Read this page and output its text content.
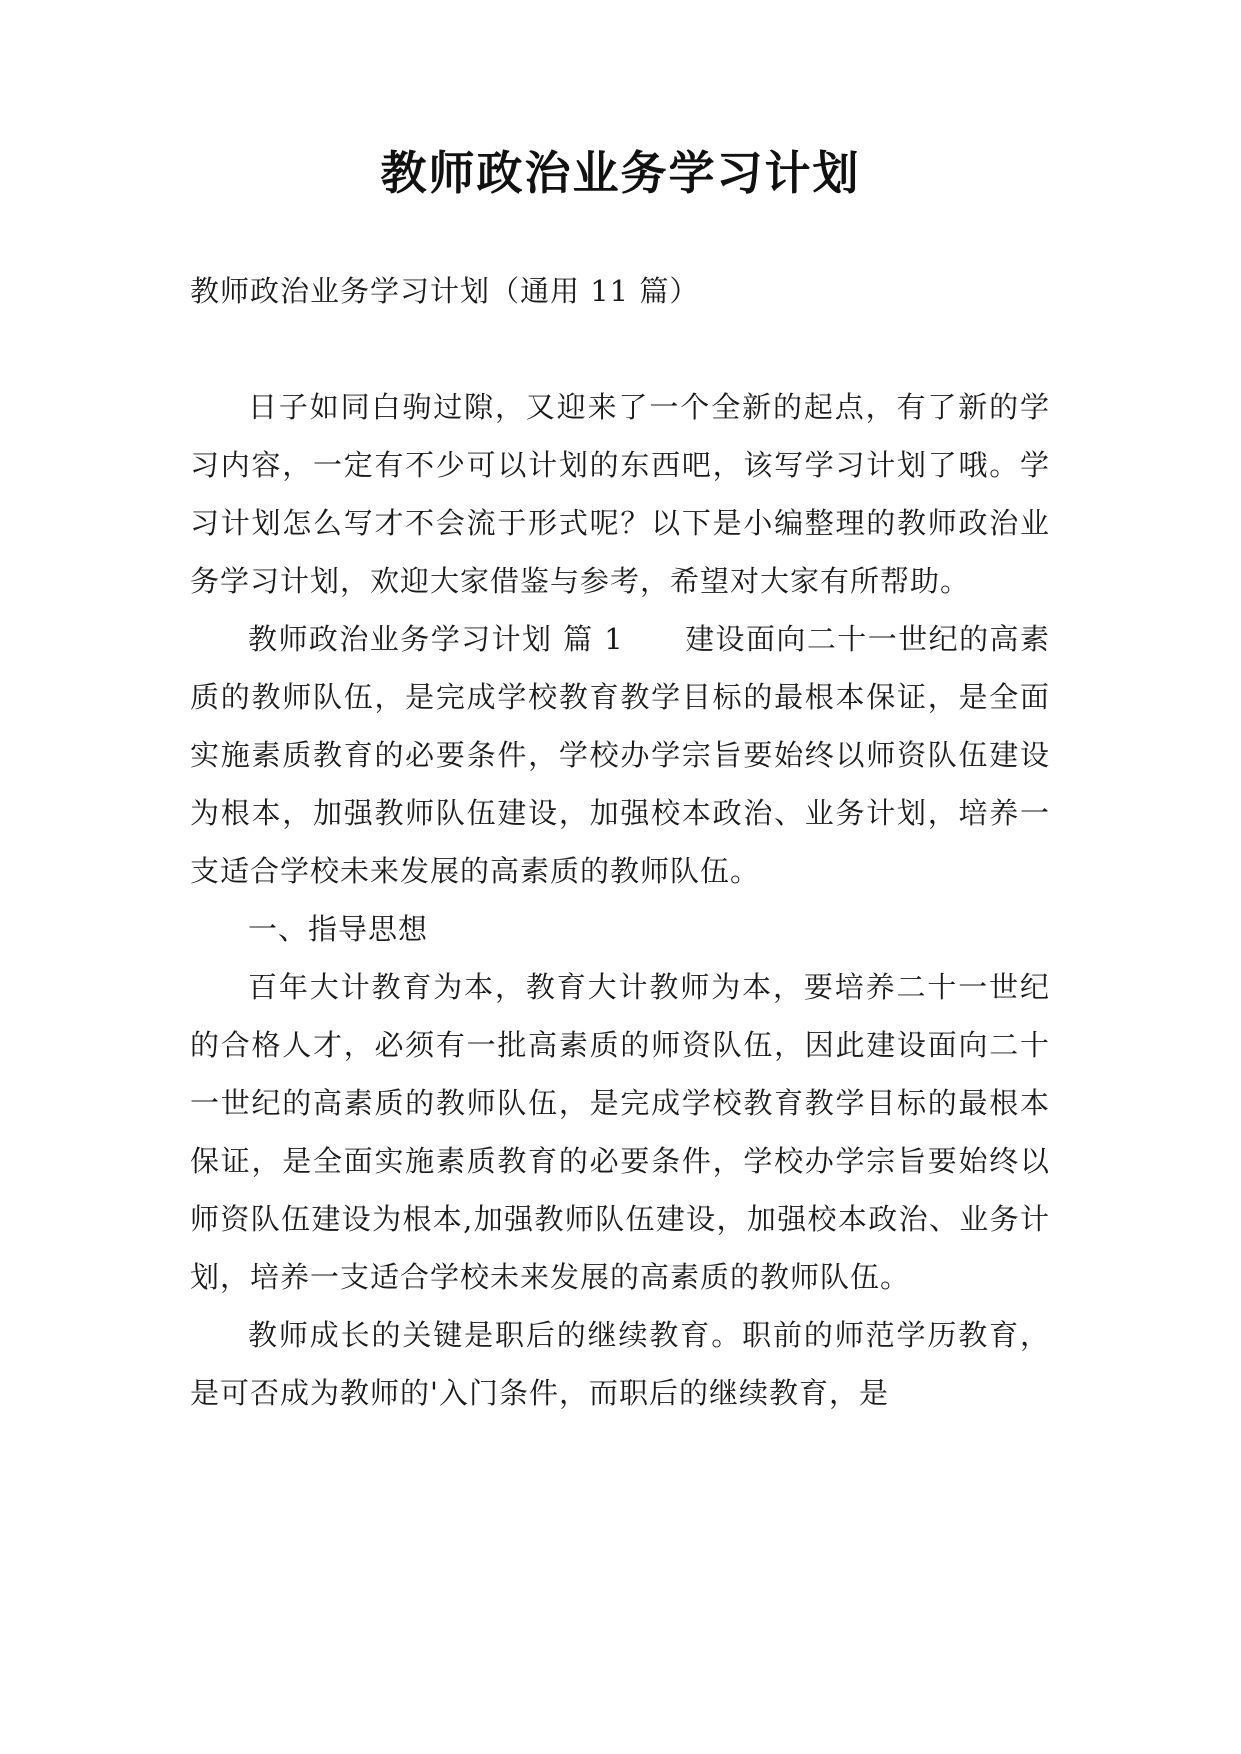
教师政治业务学习计划

教师政治业务学习计划（通用 11 篇）

日子如同白驹过隙，又迎来了一个全新的起点，有了新的学习内容，一定有不少可以计划的东西吧，该写学习计划了哦。学习计划怎么写才不会流于形式呢？以下是小编整理的教师政治业务学习计划，欢迎大家借鉴与参考，希望对大家有所帮助。

教师政治业务学习计划 篇 1　　建设面向二十一世纪的高素质的教师队伍，是完成学校教育教学目标的最根本保证，是全面实施素质教育的必要条件，学校办学宗旨要始终以师资队伍建设为根本，加强教师队伍建设，加强校本政治、业务计划，培养一支适合学校未来发展的高素质的教师队伍。

一、指导思想

百年大计教育为本，教育大计教师为本，要培养二十一世纪的合格人才，必须有一批高素质的师资队伍，因此建设面向二十一世纪的高素质的教师队伍，是完成学校教育教学目标的最根本保证，是全面实施素质教育的必要条件，学校办学宗旨要始终以师资队伍建设为根本,加强教师队伍建设，加强校本政治、业务计划，培养一支适合学校未来发展的高素质的教师队伍。

教师成长的关键是职后的继续教育。职前的师范学历教育，是可否成为教师的'入门条件，而职后的继续教育，是
